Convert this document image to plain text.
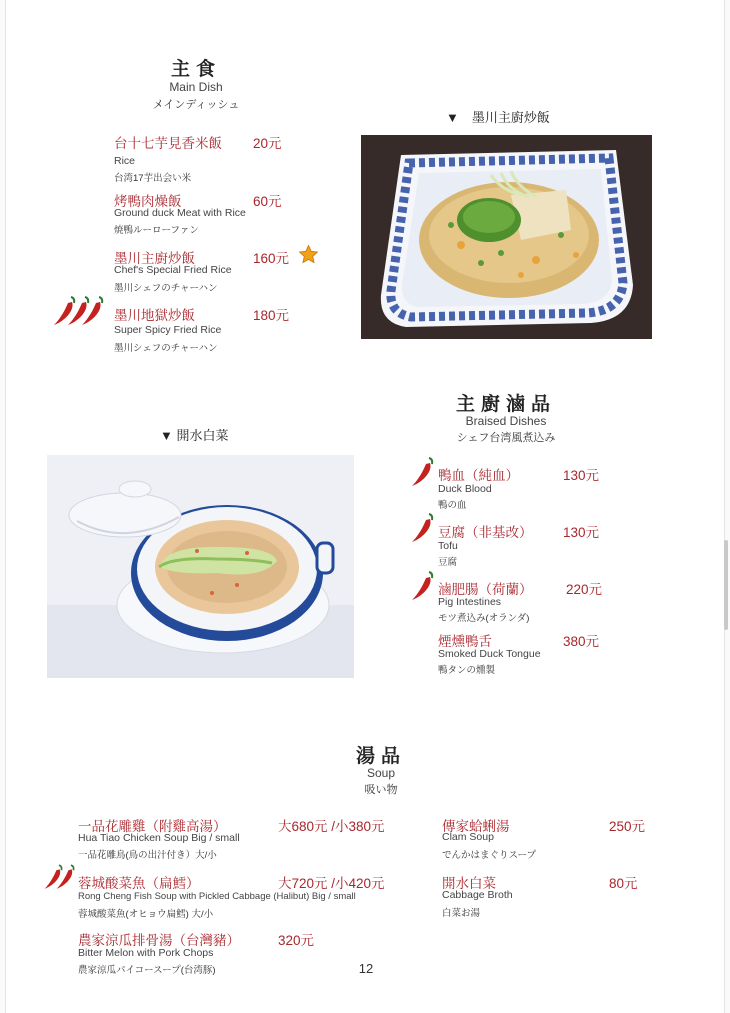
主食
Main Dish
メインディッシュ
台十七芋見香米飯 20元
Rice
台湾17芋出会い米
烤鴨肉燥飯	60元
Ground duck Meat with Rice
焼鴨ルーローファン
墨川主廚炒飯	160元
Chef's Special Fried Rice
墨川シェフのチャーハン
墨川地獄炒飯	180元
Super Spicy Fried Rice
墨川シェフのチャーハン
▼　墨川主廚炒飯
主廚滷品
Braised Dishes
シェフ台湾風煮込み
鴨血（純血）	130元
Duck Blood
鴨の血
豆腐（非基改） 130元
Tofu
豆腐
滷肥腸（荷蘭） 220元
Pig Intestines
モツ煮込み(オランダ)
煙燻鴨舌	380元
Smoked Duck Tongue
鴨タンの燻製
▼ 開水白菜
湯品
Soup
吸い物
一品花雕雞（附雞高湯）	大680元 /小380元
Hua Tiao Chicken Soup Big / small
一品花雕鳥(鳥の出汁付き）大/小
蓉城酸菜魚（扁鱈）	大720元 /小420元
Rong Cheng Fish Soup with Pickled Cabbage (Halibut) Big / small
蓉城酸菜魚(オヒョウ扁鱈) 大/小
農家涼瓜排骨湯（台灣豬）	320元
Bitter Melon with Pork Chops
農家涼瓜パイコースープ(台湾豚)
傳家蛤蜊湯	250元
Clam Soup
でんかはまぐりスープ
開水白菜	80元
Cabbage Broth
白菜お湯
12
